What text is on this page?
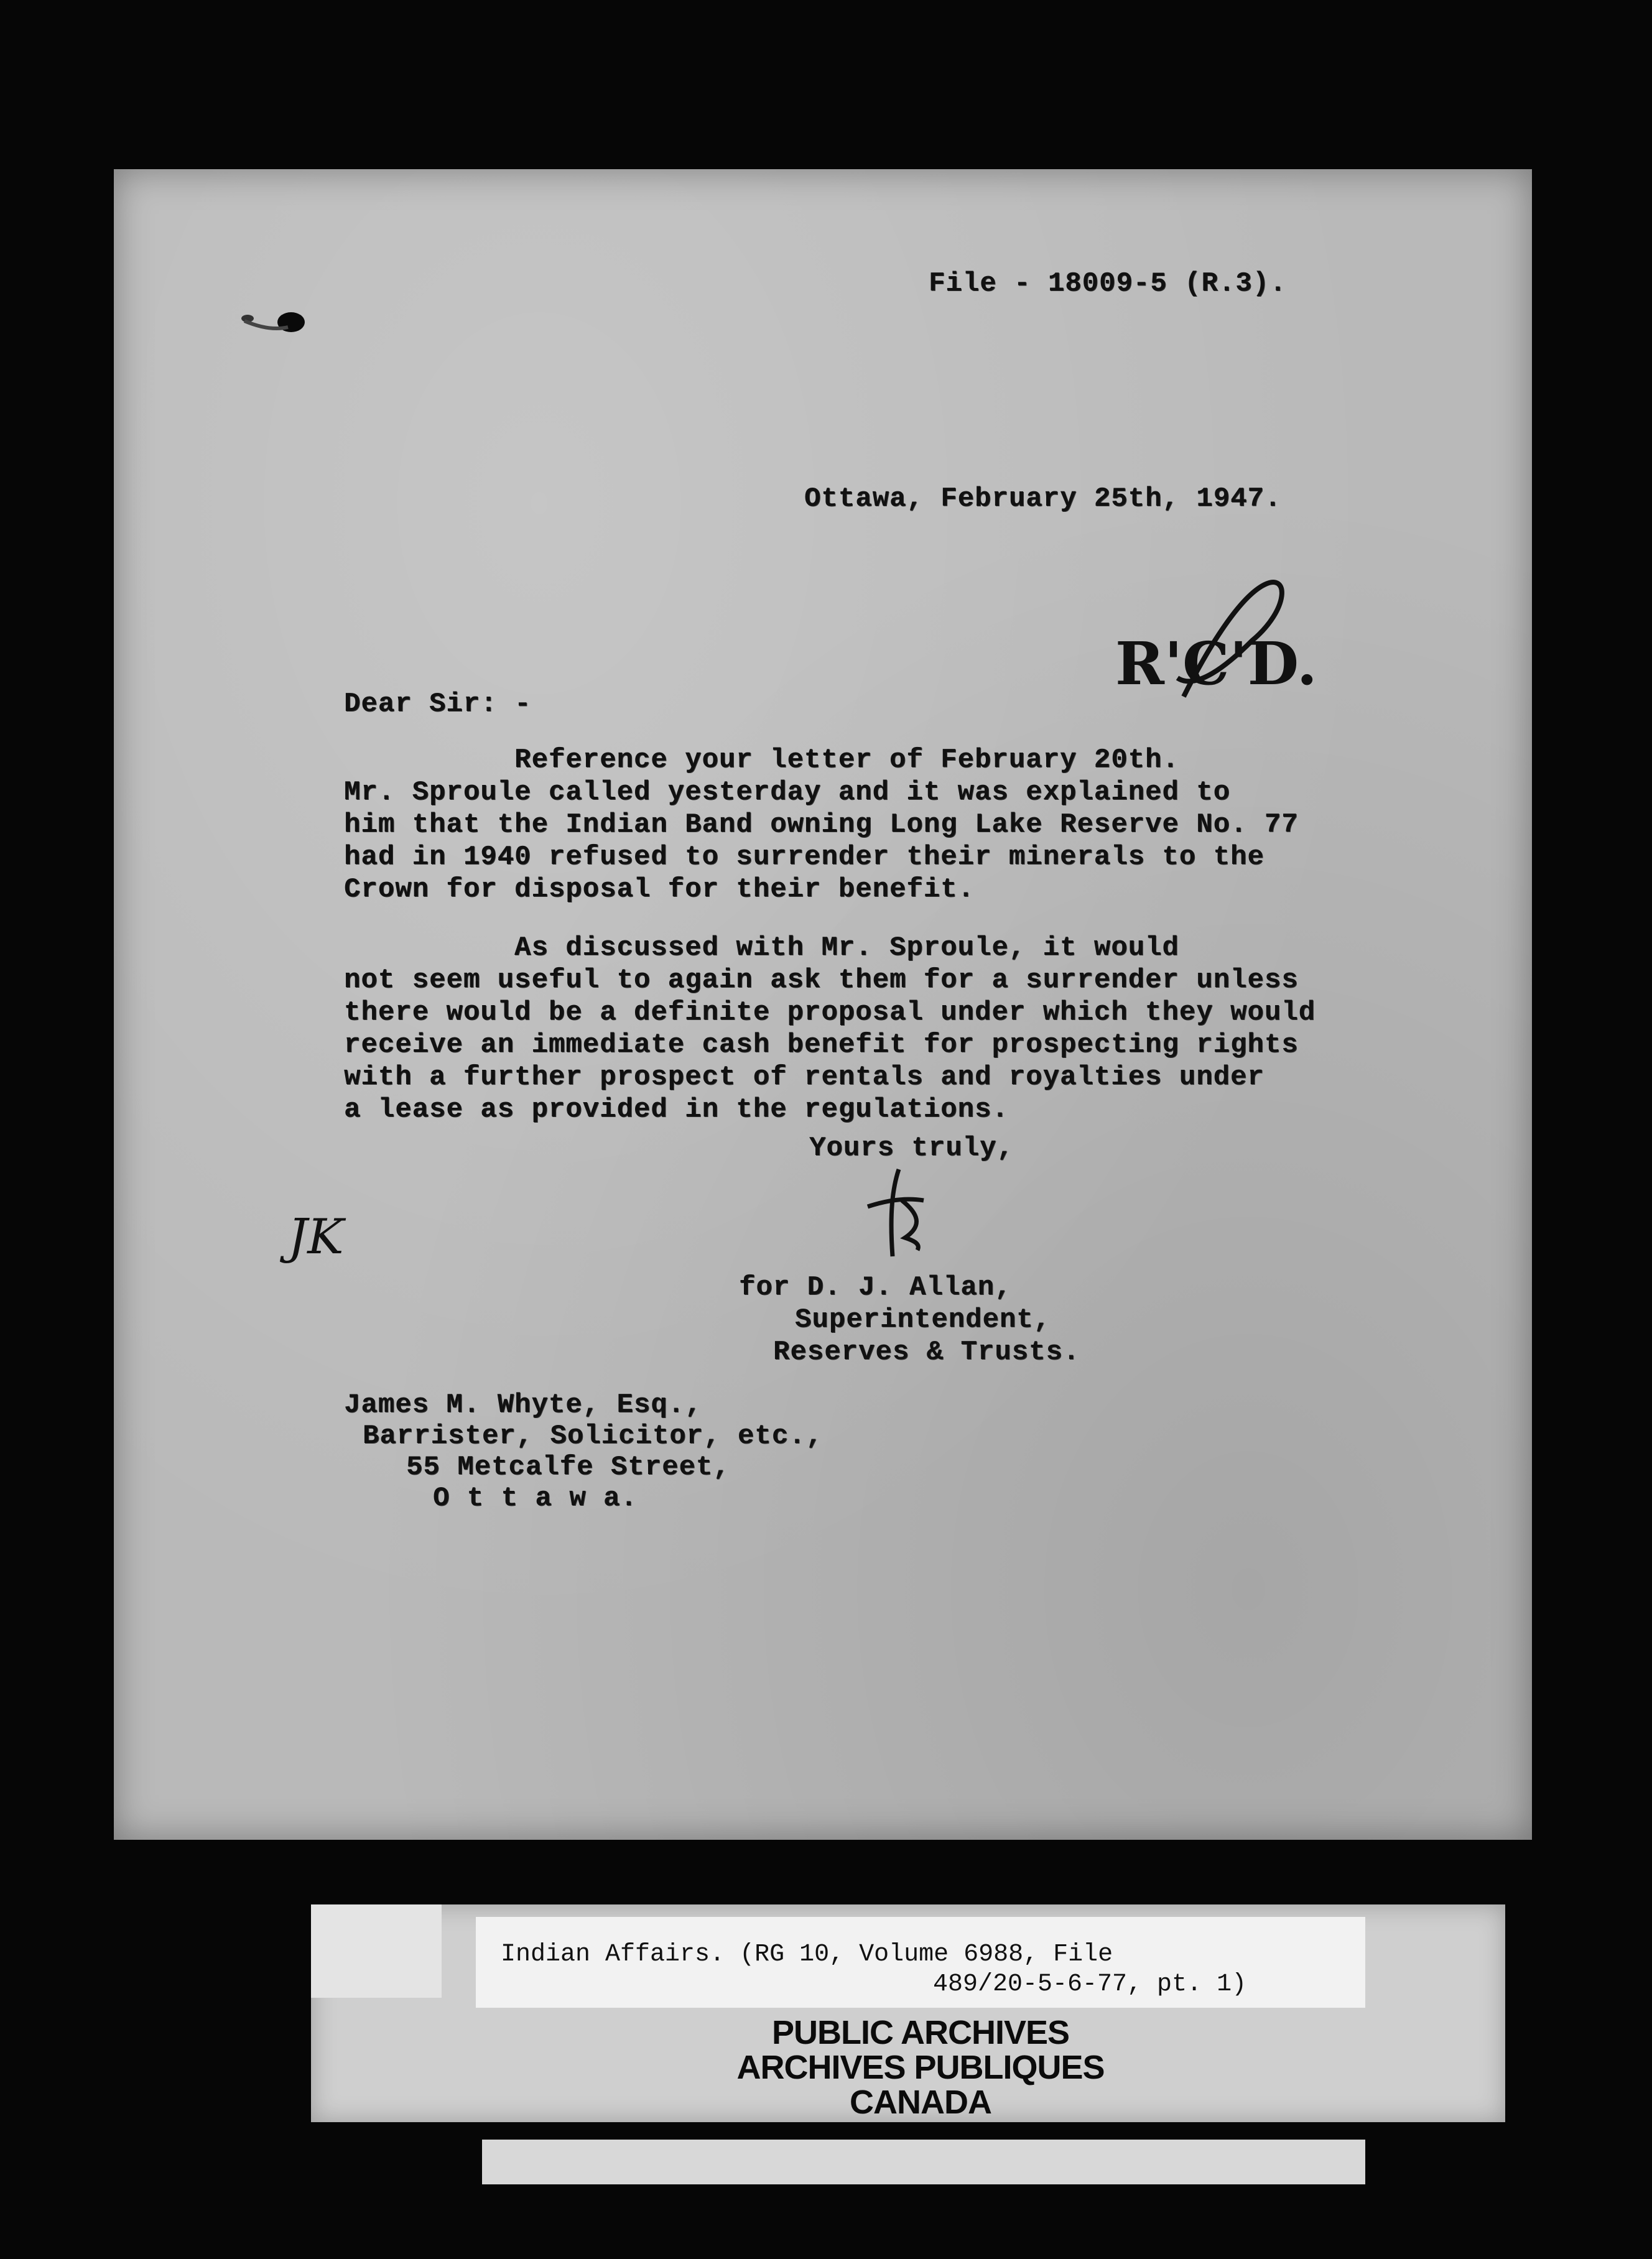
File - 18009-5 (R.3).
Ottawa, February 25th, 1947.
R'C'D.
Dear Sir: -
Reference your letter of February 20th.
Mr. Sproule called yesterday and it was explained to
him that the Indian Band owning Long Lake Reserve No. 77
had in 1940 refused to surrender their minerals to the
Crown for disposal for their benefit.
As discussed with Mr. Sproule, it would
not seem useful to again ask them for a surrender unless
there would be a definite proposal under which they would
receive an immediate cash benefit for prospecting rights
with a further prospect of rentals and royalties under
a lease as provided in the regulations.
Yours truly,
for D. J. Allan,
Superintendent,
Reserves & Trusts.
JK
James M. Whyte, Esq.,
Barrister, Solicitor, etc.,
55 Metcalfe Street,
O t t a w a.
Indian Affairs. (RG 10, Volume 6988, File
489/20-5-6-77, pt. 1)
PUBLIC ARCHIVES
ARCHIVES PUBLIQUES
CANADA
